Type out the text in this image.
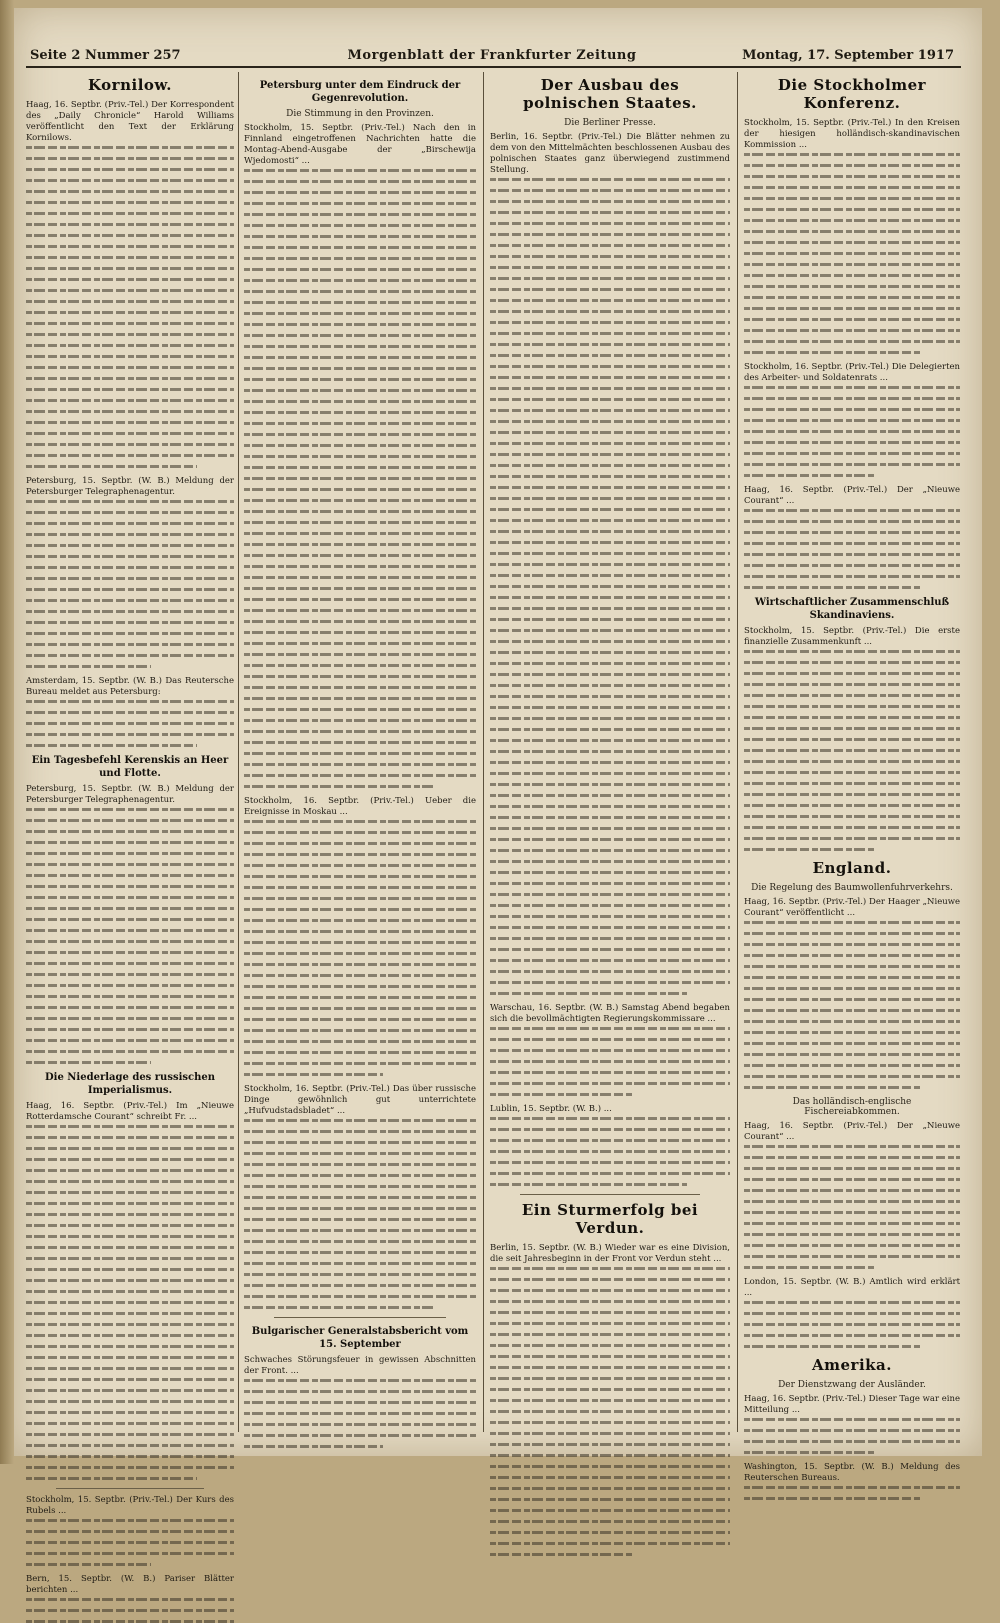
Seite 2 Nummer 257	Morgenblatt der Frankfurter Zeitung	Montag, 17. September 1917
Kornilow.

Haag, 16. Septbr. (Priv.-Tel.) Der Korrespondent des „Daily Chronicle“ Harold Williams veröffentlicht den Text der Erklärung Kornilows.

Petersburg, 15. Septbr. (W. B.) Meldung der Petersburger Telegraphenagentur.

Amsterdam, 15. Septbr. (W. B.) Das Reutersche Bureau meldet aus Petersburg:

Ein Tagesbefehl Kerenskis an Heer und Flotte.

Petersburg, 15. Septbr. (W. B.) Meldung der Petersburger Telegraphenagentur.

Die Niederlage des russischen Imperialismus.

Haag, 16. Septbr. (Priv.-Tel.) Im „Nieuwe Rotterdamsche Courant“ schreibt Fr. ...

Stockholm, 15. Septbr. (Priv.-Tel.) Der Kurs des Rubels ...

Bern, 15. Septbr. (W. B.) Pariser Blätter berichten ...

Petersburg unter dem Eindruck der Gegenrevolution.

Die Stimmung in den Provinzen.

Stockholm, 15. Septbr. (Priv.-Tel.) Nach den in Finnland eingetroffenen Nachrichten hatte die Montag-Abend-Ausgabe der „Birschewija Wjedomosti“ ...

Stockholm, 16. Septbr. (Priv.-Tel.) Ueber die Ereignisse in Moskau ...

Stockholm, 16. Septbr. (Priv.-Tel.) Das über russische Dinge gewöhnlich gut unterrichtete „Hufvudstadsbladet“ ...

Bulgarischer Generalstabsbericht vom 15. September

Schwaches Störungsfeuer in gewissen Abschnitten der Front. ...

Der Ausbau des polnischen Staates.

Die Berliner Presse.

Berlin, 16. Septbr. (Priv.-Tel.) Die Blätter nehmen zu dem von den Mittelmächten beschlossenen Ausbau des polnischen Staates ganz überwiegend zustimmend Stellung.

Warschau, 16. Septbr. (W. B.) Samstag Abend begaben sich die bevollmächtigten Regierungskommissare ...

Lublin, 15. Septbr. (W. B.) ...

Ein Sturmerfolg bei Verdun.

Berlin, 15. Septbr. (W. B.) Wieder war es eine Division, die seit Jahresbeginn in der Front vor Verdun steht ...

Die Stockholmer Konferenz.

Stockholm, 15. Septbr. (Priv.-Tel.) In den Kreisen der hiesigen holländisch-skandinavischen Kommission ...

Stockholm, 16. Septbr. (Priv.-Tel.) Die Delegierten des Arbeiter- und Soldatenrats ...

Haag, 16. Septbr. (Priv.-Tel.) Der „Nieuwe Courant“ ...

Wirtschaftlicher Zusammenschluß Skandinaviens.

Stockholm, 15. Septbr. (Priv.-Tel.) Die erste finanzielle Zusammenkunft ...

England.

Die Regelung des Baumwollenfuhrverkehrs.

Haag, 16. Septbr. (Priv.-Tel.) Der Haager „Nieuwe Courant“ veröffentlicht ...

Das holländisch-englische Fischereiabkommen.

Haag, 16. Septbr. (Priv.-Tel.) Der „Nieuwe Courant“ ...

London, 15. Septbr. (W. B.) Amtlich wird erklärt ...

Amerika.

Der Dienstzwang der Ausländer.

Haag, 16. Septbr. (Priv.-Tel.) Dieser Tage war eine Mitteilung ...

Washington, 15. Septbr. (W. B.) Meldung des Reuterschen Bureaus.
